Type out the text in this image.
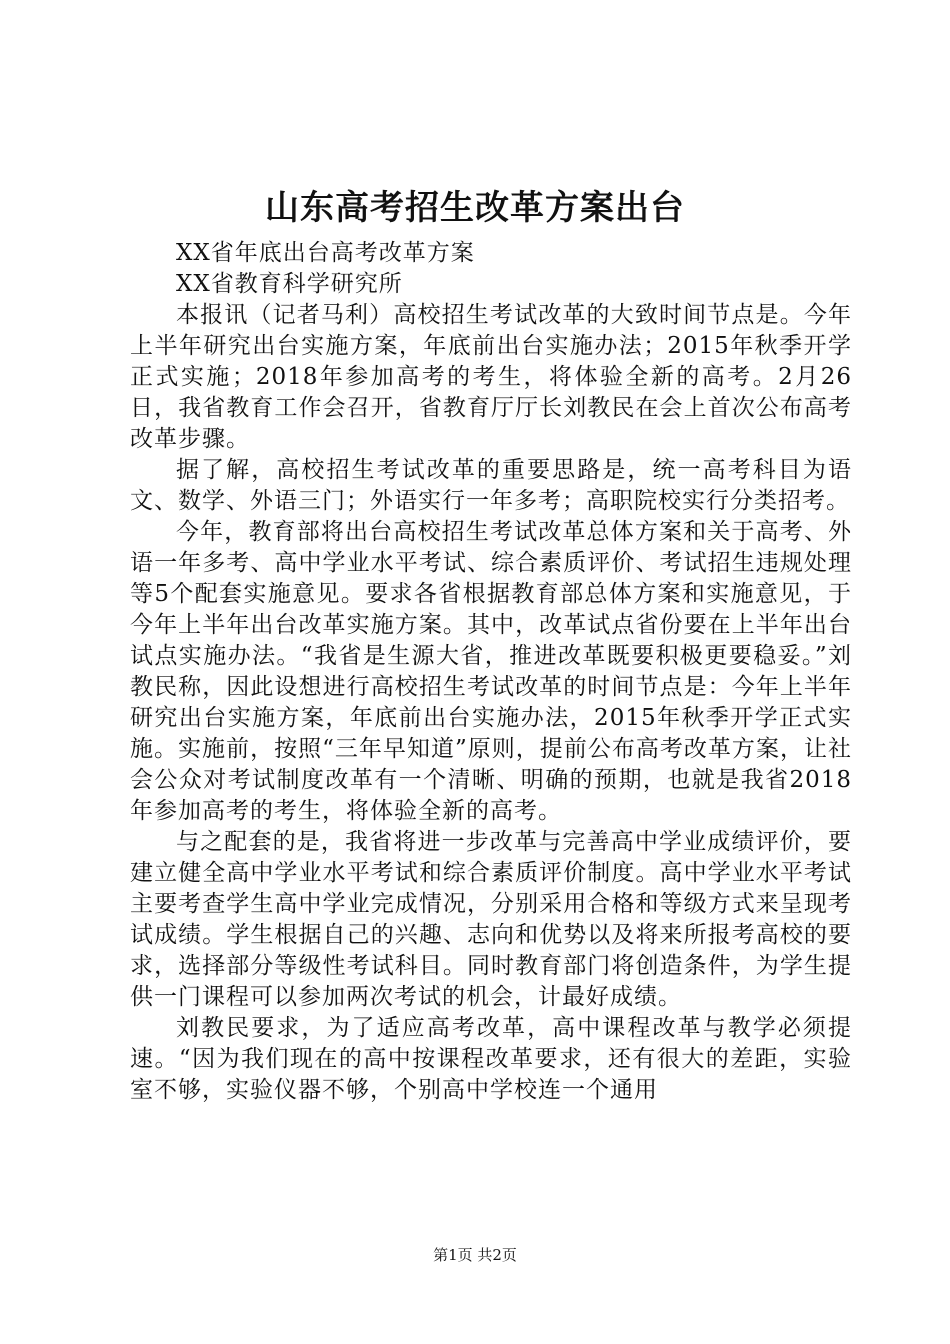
山东高考招生改革方案出台

XX省年底出台高考改革方案

XX省教育科学研究所

本报讯（记者马利）高校招生考试改革的大致时间节点是。今年上半年研究出台实施方案，年底前出台实施办法；2015年秋季开学正式实施；2018年参加高考的考生，将体验全新的高考。2月26日，我省教育工作会召开，省教育厅厅长刘教民在会上首次公布高考改革步骤。

据了解，高校招生考试改革的重要思路是，统一高考科目为语文、数学、外语三门；外语实行一年多考；高职院校实行分类招考。

今年，教育部将出台高校招生考试改革总体方案和关于高考、外语一年多考、高中学业水平考试、综合素质评价、考试招生违规处理等5个配套实施意见。要求各省根据教育部总体方案和实施意见，于今年上半年出台改革实施方案。其中，改革试点省份要在上半年出台试点实施办法。“我省是生源大省，推进改革既要积极更要稳妥。”刘教民称，因此设想进行高校招生考试改革的时间节点是：今年上半年研究出台实施方案，年底前出台实施办法，2015年秋季开学正式实施。实施前，按照“三年早知道”原则，提前公布高考改革方案，让社会公众对考试制度改革有一个清晰、明确的预期，也就是我省2018年参加高考的考生，将体验全新的高考。

与之配套的是，我省将进一步改革与完善高中学业成绩评价，要建立健全高中学业水平考试和综合素质评价制度。高中学业水平考试主要考查学生高中学业完成情况，分别采用合格和等级方式来呈现考试成绩。学生根据自己的兴趣、志向和优势以及将来所报考高校的要求，选择部分等级性考试科目。同时教育部门将创造条件，为学生提供一门课程可以参加两次考试的机会，计最好成绩。

刘教民要求，为了适应高考改革，高中课程改革与教学必须提速。“因为我们现在的高中按课程改革要求，还有很大的差距，实验室不够，实验仪器不够，个别高中学校连一个通用

第1页 共2页
